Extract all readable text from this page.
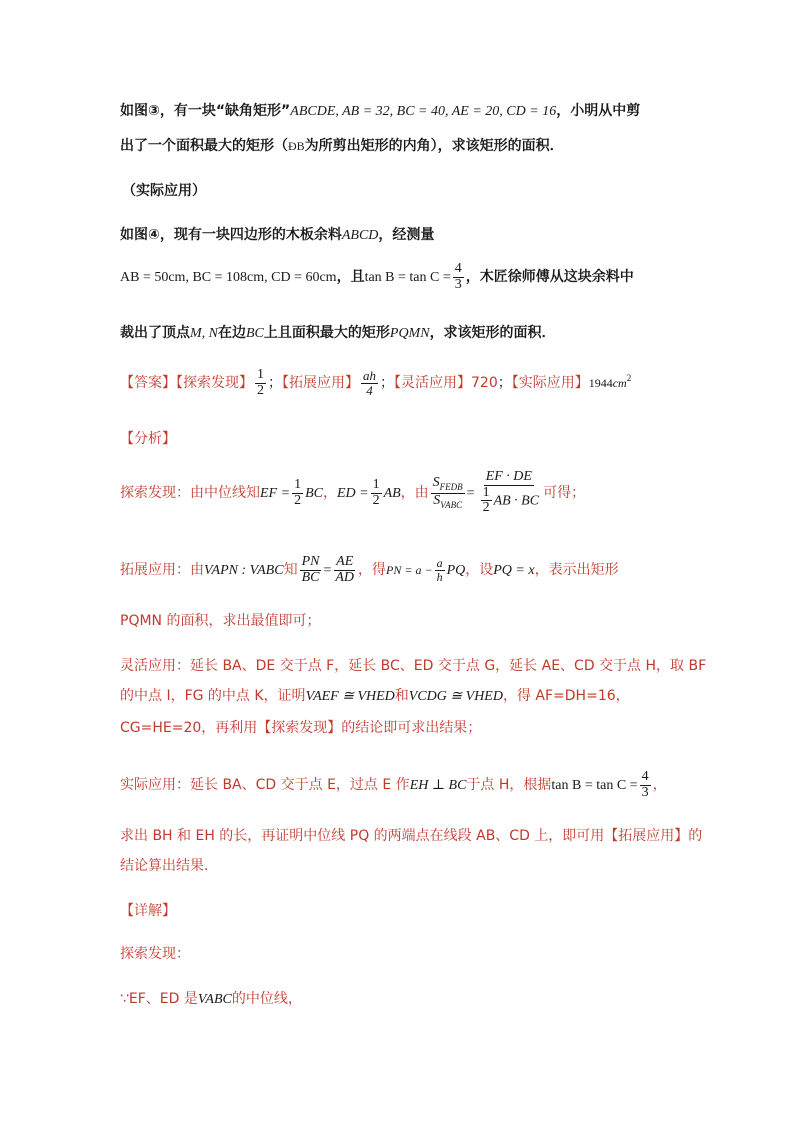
如图③，有一块“缺角矩形”ABCDE, AB = 32, BC = 40, AE = 20, CD = 16，小明从中剪
出了一个面积最大的矩形（ÐB为所剪出矩形的内角），求该矩形的面积．
（实际应用）
如图④，现有一块四边形的木板余料ABCD，经测量
AB = 50cm, BC = 108cm, CD = 60cm，且$\tan B = \tan C = \frac{4}{3}$ ，木匠徐师傅从这块余料中
裁出了顶点M, N在边BC上且面积最大的矩形PQMN，求该矩形的面积．
【答案】【探索发现】 $\frac{1}{2}$ ；【拓展应用】 $\frac{ah}{4}$ ；【灵活应用】720；【实际应用】$1944cm^2$
【分析】
探索发现：由中位线知EF = $\frac{1}{2}$ BC，ED = $\frac{1}{2}$ AB，由 $\frac{S_{FEDB}}{S_{VABC}} = \frac{EF \cdot DE}{\frac{1}{2} AB \cdot BC}$ 可得；
拓展应用：由VAPN : VABC知 $\frac{PN}{BC} = \frac{AE}{AD}$ ，得PN = $a - \frac{a}{h}$ PQ，设PQ = x，表示出矩形
PQMN 的面积，求出最值即可；
灵活应用：延长 BA、DE 交于点 F，延长 BC、ED 交于点 G，延长 AE、CD 交于点 H，取 BF
的中点 I，FG 的中点 K，证明VAEF ≅ VHED和VCDG ≅ VHED，得 AF=DH=16，
CG=HE=20，再利用【探索发现】的结论即可求出结果；
实际应用：延长 BA、CD 交于点 E，过点 E 作EH ⊥ BC于点 H，根据$\tan B = \tan C = \frac{4}{3}$ ，
求出 BH 和 EH 的长，再证明中位线 PQ 的两端点在线段 AB、CD 上，即可用【拓展应用】的
结论算出结果．
【详解】
探索发现：
∵EF、ED 是VABC的中位线，
